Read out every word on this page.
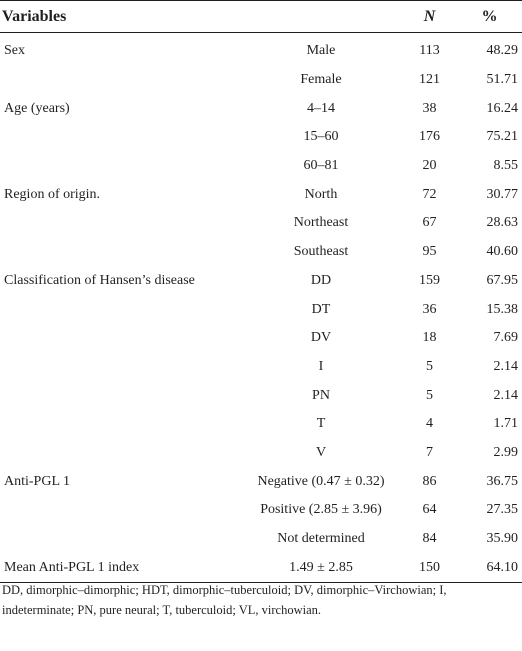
Variables		N	%
Sex	Male	113	48.29
	Female	121	51.71
Age (years)	4–14	38	16.24
	15–60	176	75.21
	60–81	20	8.55
Region of origin.	North	72	30.77
	Northeast	67	28.63
	Southeast	95	40.60
Classification of Hansen’s disease	DD	159	67.95
	DT	36	15.38
	DV	18	7.69
	I	5	2.14
	PN	5	2.14
	T	4	1.71
	V	7	2.99
Anti-PGL 1	Negative (0.47 ± 0.32)	86	36.75
	Positive (2.85 ± 3.96)	64	27.35
	Not determined	84	35.90
Mean Anti-PGL 1 index	1.49 ± 2.85	150	64.10
DD, dimorphic–dimorphic; HDT, dimorphic–tuberculoid; DV, dimorphic–Virchowian; I, indeterminate; PN, pure neural; T, tuberculoid; VL, virchowian.
